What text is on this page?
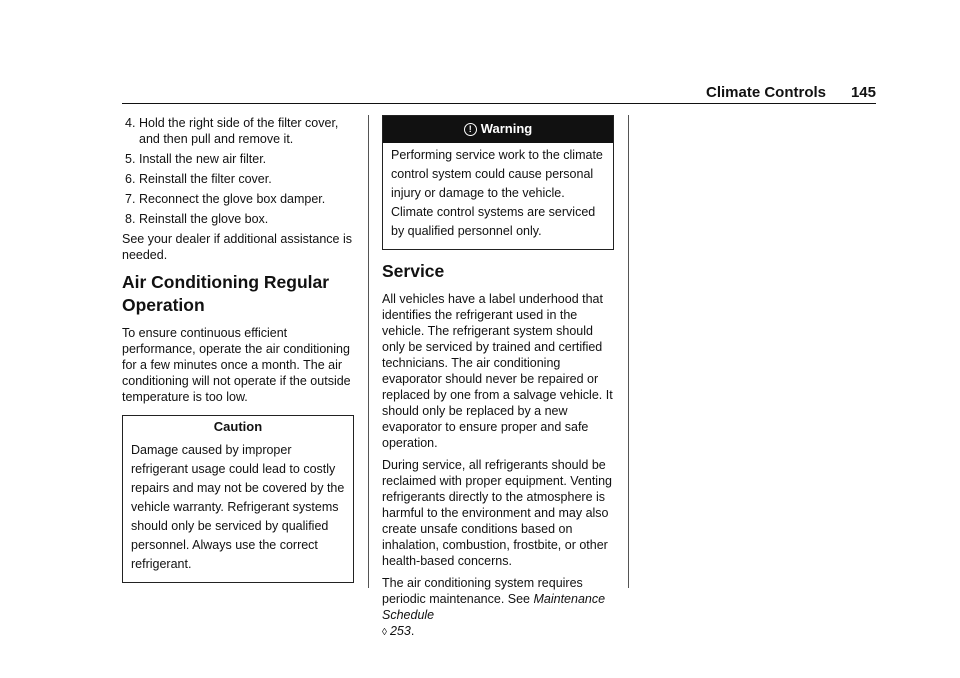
Climate Controls	145
4. Hold the right side of the filter cover, and then pull and remove it.
5. Install the new air filter.
6. Reinstall the filter cover.
7. Reconnect the glove box damper.
8. Reinstall the glove box.

See your dealer if additional assistance is needed.

Air Conditioning Regular Operation

To ensure continuous efficient performance, operate the air conditioning for a few minutes once a month. The air conditioning will not operate if the outside temperature is too low.

Caution
Damage caused by improper refrigerant usage could lead to costly repairs and may not be covered by the vehicle warranty. Refrigerant systems should only be serviced by qualified personnel. Always use the correct refrigerant.
! Warning
Performing service work to the climate control system could cause personal injury or damage to the vehicle. Climate control systems are serviced by qualified personnel only.
Service

All vehicles have a label underhood that identifies the refrigerant used in the vehicle. The refrigerant system should only be serviced by trained and certified technicians. The air conditioning evaporator should never be repaired or replaced by one from a salvage vehicle. It should only be replaced by a new evaporator to ensure proper and safe operation.

During service, all refrigerants should be reclaimed with proper equipment. Venting refrigerants directly to the atmosphere is harmful to the environment and may also create unsafe conditions based on inhalation, combustion, frostbite, or other health-based concerns.

The air conditioning system requires periodic maintenance. See Maintenance Schedule
◊ 253.
